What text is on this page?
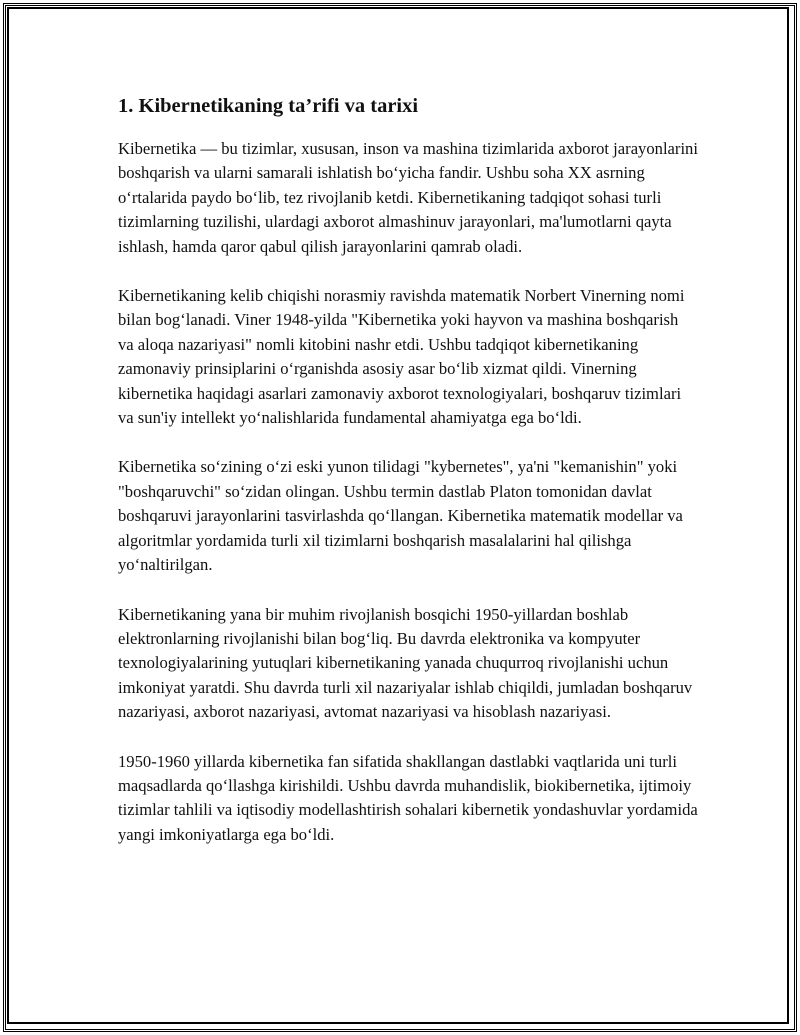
1. Kibernetikaning ta’rifi va tarixi

Kibernetika — bu tizimlar, xususan, inson va mashina tizimlarida axborot jarayonlarini boshqarish va ularni samarali ishlatish bo‘yicha fandir. Ushbu soha XX asrning o‘rtalarida paydo bo‘lib, tez rivojlanib ketdi. Kibernetikaning tadqiqot sohasi turli tizimlarning tuzilishi, ulardagi axborot almashinuv jarayonlari, ma'lumotlarni qayta ishlash, hamda qaror qabul qilish jarayonlarini qamrab oladi.

Kibernetikaning kelib chiqishi norasmiy ravishda matematik Norbert Vinerning nomi bilan bog‘lanadi. Viner 1948-yilda "Kibernetika yoki hayvon va mashina boshqarish va aloqa nazariyasi" nomli kitobini nashr etdi. Ushbu tadqiqot kibernetikaning zamonaviy prinsiplarini o‘rganishda asosiy asar bo‘lib xizmat qildi. Vinerning kibernetika haqidagi asarlari zamonaviy axborot texnologiyalari, boshqaruv tizimlari va sun'iy intellekt yo‘nalishlarida fundamental ahamiyatga ega bo‘ldi.

Kibernetika so‘zining o‘zi eski yunon tilidagi "kybernetes", ya'ni "kemanishin" yoki "boshqaruvchi" so‘zidan olingan. Ushbu termin dastlab Platon tomonidan davlat boshqaruvi jarayonlarini tasvirlashda qo‘llangan. Kibernetika matematik modellar va algoritmlar yordamida turli xil tizimlarni boshqarish masalalarini hal qilishga yo‘naltirilgan.

Kibernetikaning yana bir muhim rivojlanish bosqichi 1950-yillardan boshlab elektronlarning rivojlanishi bilan bog‘liq. Bu davrda elektronika va kompyuter texnologiyalarining yutuqlari kibernetikaning yanada chuqurroq rivojlanishi uchun imkoniyat yaratdi. Shu davrda turli xil nazariyalar ishlab chiqildi, jumladan boshqaruv nazariyasi, axborot nazariyasi, avtomat nazariyasi va hisoblash nazariyasi.

1950-1960 yillarda kibernetika fan sifatida shakllangan dastlabki vaqtlarida uni turli maqsadlarda qo‘llashga kirishildi. Ushbu davrda muhandislik, biokibernetika, ijtimoiy tizimlar tahlili va iqtisodiy modellashtirish sohalari kibernetik yondashuvlar yordamida yangi imkoniyatlarga ega bo‘ldi.
